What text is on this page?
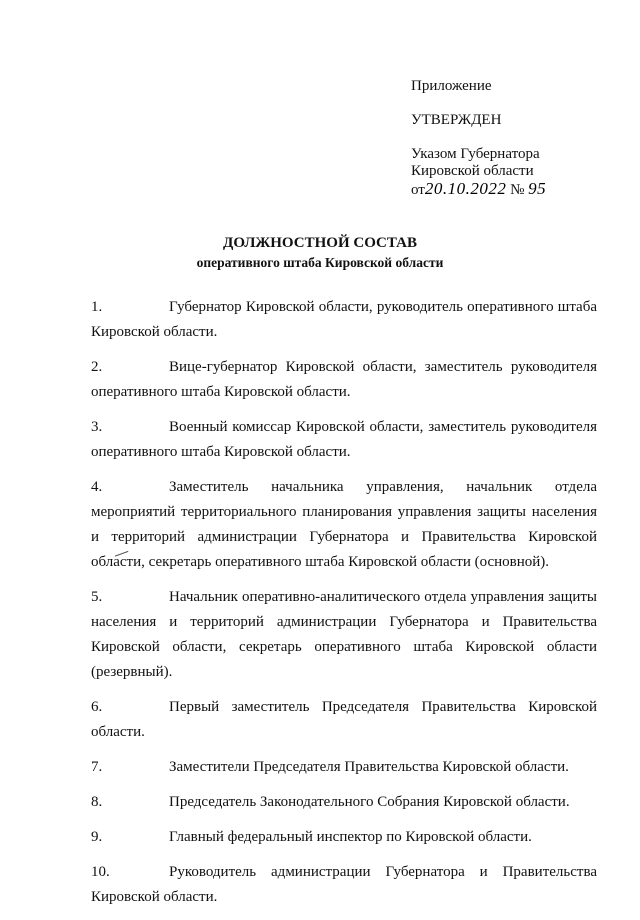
Приложение

УТВЕРЖДЕН

Указом Губернатора

Кировской области

от20.10.2022 № 95

ДОЛЖНОСТНОЙ СОСТАВ
оперативного штаба Кировской области

1.	Губернатор Кировской области, руководитель оперативного штаба Кировской области.

2.	Вице-губернатор Кировской области, заместитель руководителя оперативного штаба Кировской области.

3.	Военный комиссар Кировской области, заместитель руководителя оперативного штаба Кировской области.

4.	Заместитель начальника управления, начальник отдела мероприятий территориального планирования управления защиты населения и территорий администрации Губернатора и Правительства Кировской области, секретарь оперативного штаба Кировской области (основной).

5.	Начальник оперативно-аналитического отдела управления защиты населения и территорий администрации Губернатора и Правительства Кировской области, секретарь оперативного штаба Кировской области (резервный).

6.	Первый заместитель Председателя Правительства Кировской области.

7.	Заместители Председателя Правительства Кировской области.

8.	Председатель Законодательного Собрания Кировской области.

9.	Главный федеральный инспектор по Кировской области.

10.	Руководитель администрации Губернатора и Правительства Кировской области.
